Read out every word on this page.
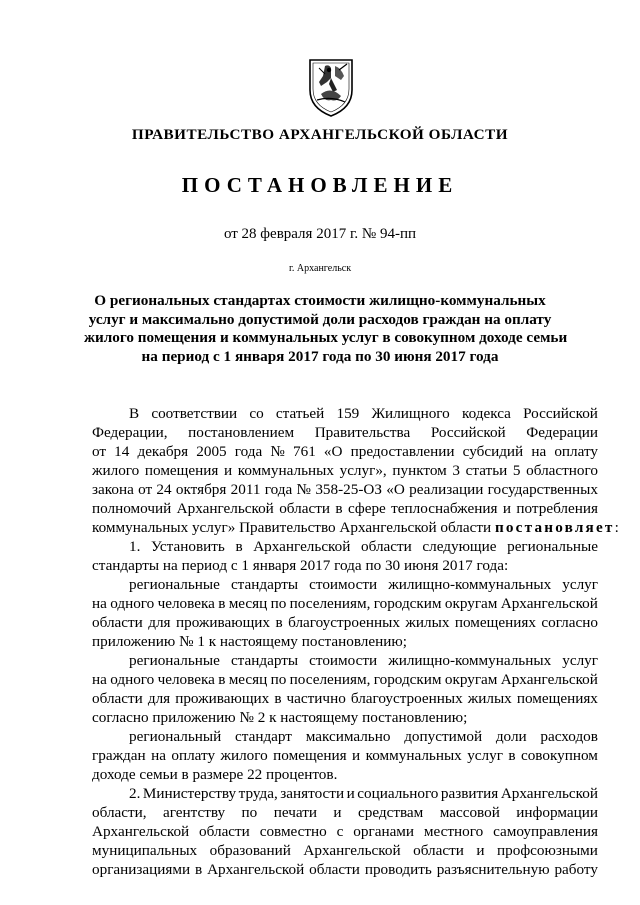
ПРАВИТЕЛЬСТВО АРХАНГЕЛЬСКОЙ ОБЛАСТИ
ПОСТАНОВЛЕНИЕ
от 28 февраля 2017 г. № 94-пп
г. Архангельск
О региональных стандартах стоимости жилищно-коммунальных
услуг и максимально допустимой доли расходов граждан на оплату
жилого помещения и коммунальных услуг в совокупном доходе семьи
на период с 1 января 2017 года по 30 июня 2017 года
В соответствии со статьей 159 Жилищного кодекса Российской
Федерации, постановлением Правительства Российской Федерации
от 14 декабря 2005 года № 761 «О предоставлении субсидий на оплату
жилого помещения и коммунальных услуг», пунктом 3 статьи 5 областного
закона от 24 октября 2011 года № 358-25-ОЗ «О реализации государственных
полномочий Архангельской области в сфере теплоснабжения и потребления
коммунальных услуг» Правительство Архангельской области
постановляет :
1. Установить в Архангельской области следующие региональные
стандарты на период с 1 января 2017 года по 30 июня 2017 года:
региональные стандарты стоимости жилищно-коммунальных услуг
на одного человека в месяц по поселениям, городским округам Архангельской
области для проживающих в благоустроенных жилых помещениях согласно
приложению № 1 к настоящему постановлению;
региональные стандарты стоимости жилищно-коммунальных услуг
на одного человека в месяц по поселениям, городским округам Архангельской
области для проживающих в частично благоустроенных жилых помещениях
согласно приложению № 2 к настоящему постановлению;
региональный стандарт максимально допустимой доли расходов
граждан на оплату жилого помещения и коммунальных услуг в совокупном
доходе семьи в размере 22 процентов.
2. Министерству труда, занятости и социального развития Архангельской
области, агентству по печати и средствам массовой информации
Архангельской области совместно с органами местного самоуправления
муниципальных образований Архангельской области и профсоюзными
организациями в Архангельской области проводить разъяснительную работу
